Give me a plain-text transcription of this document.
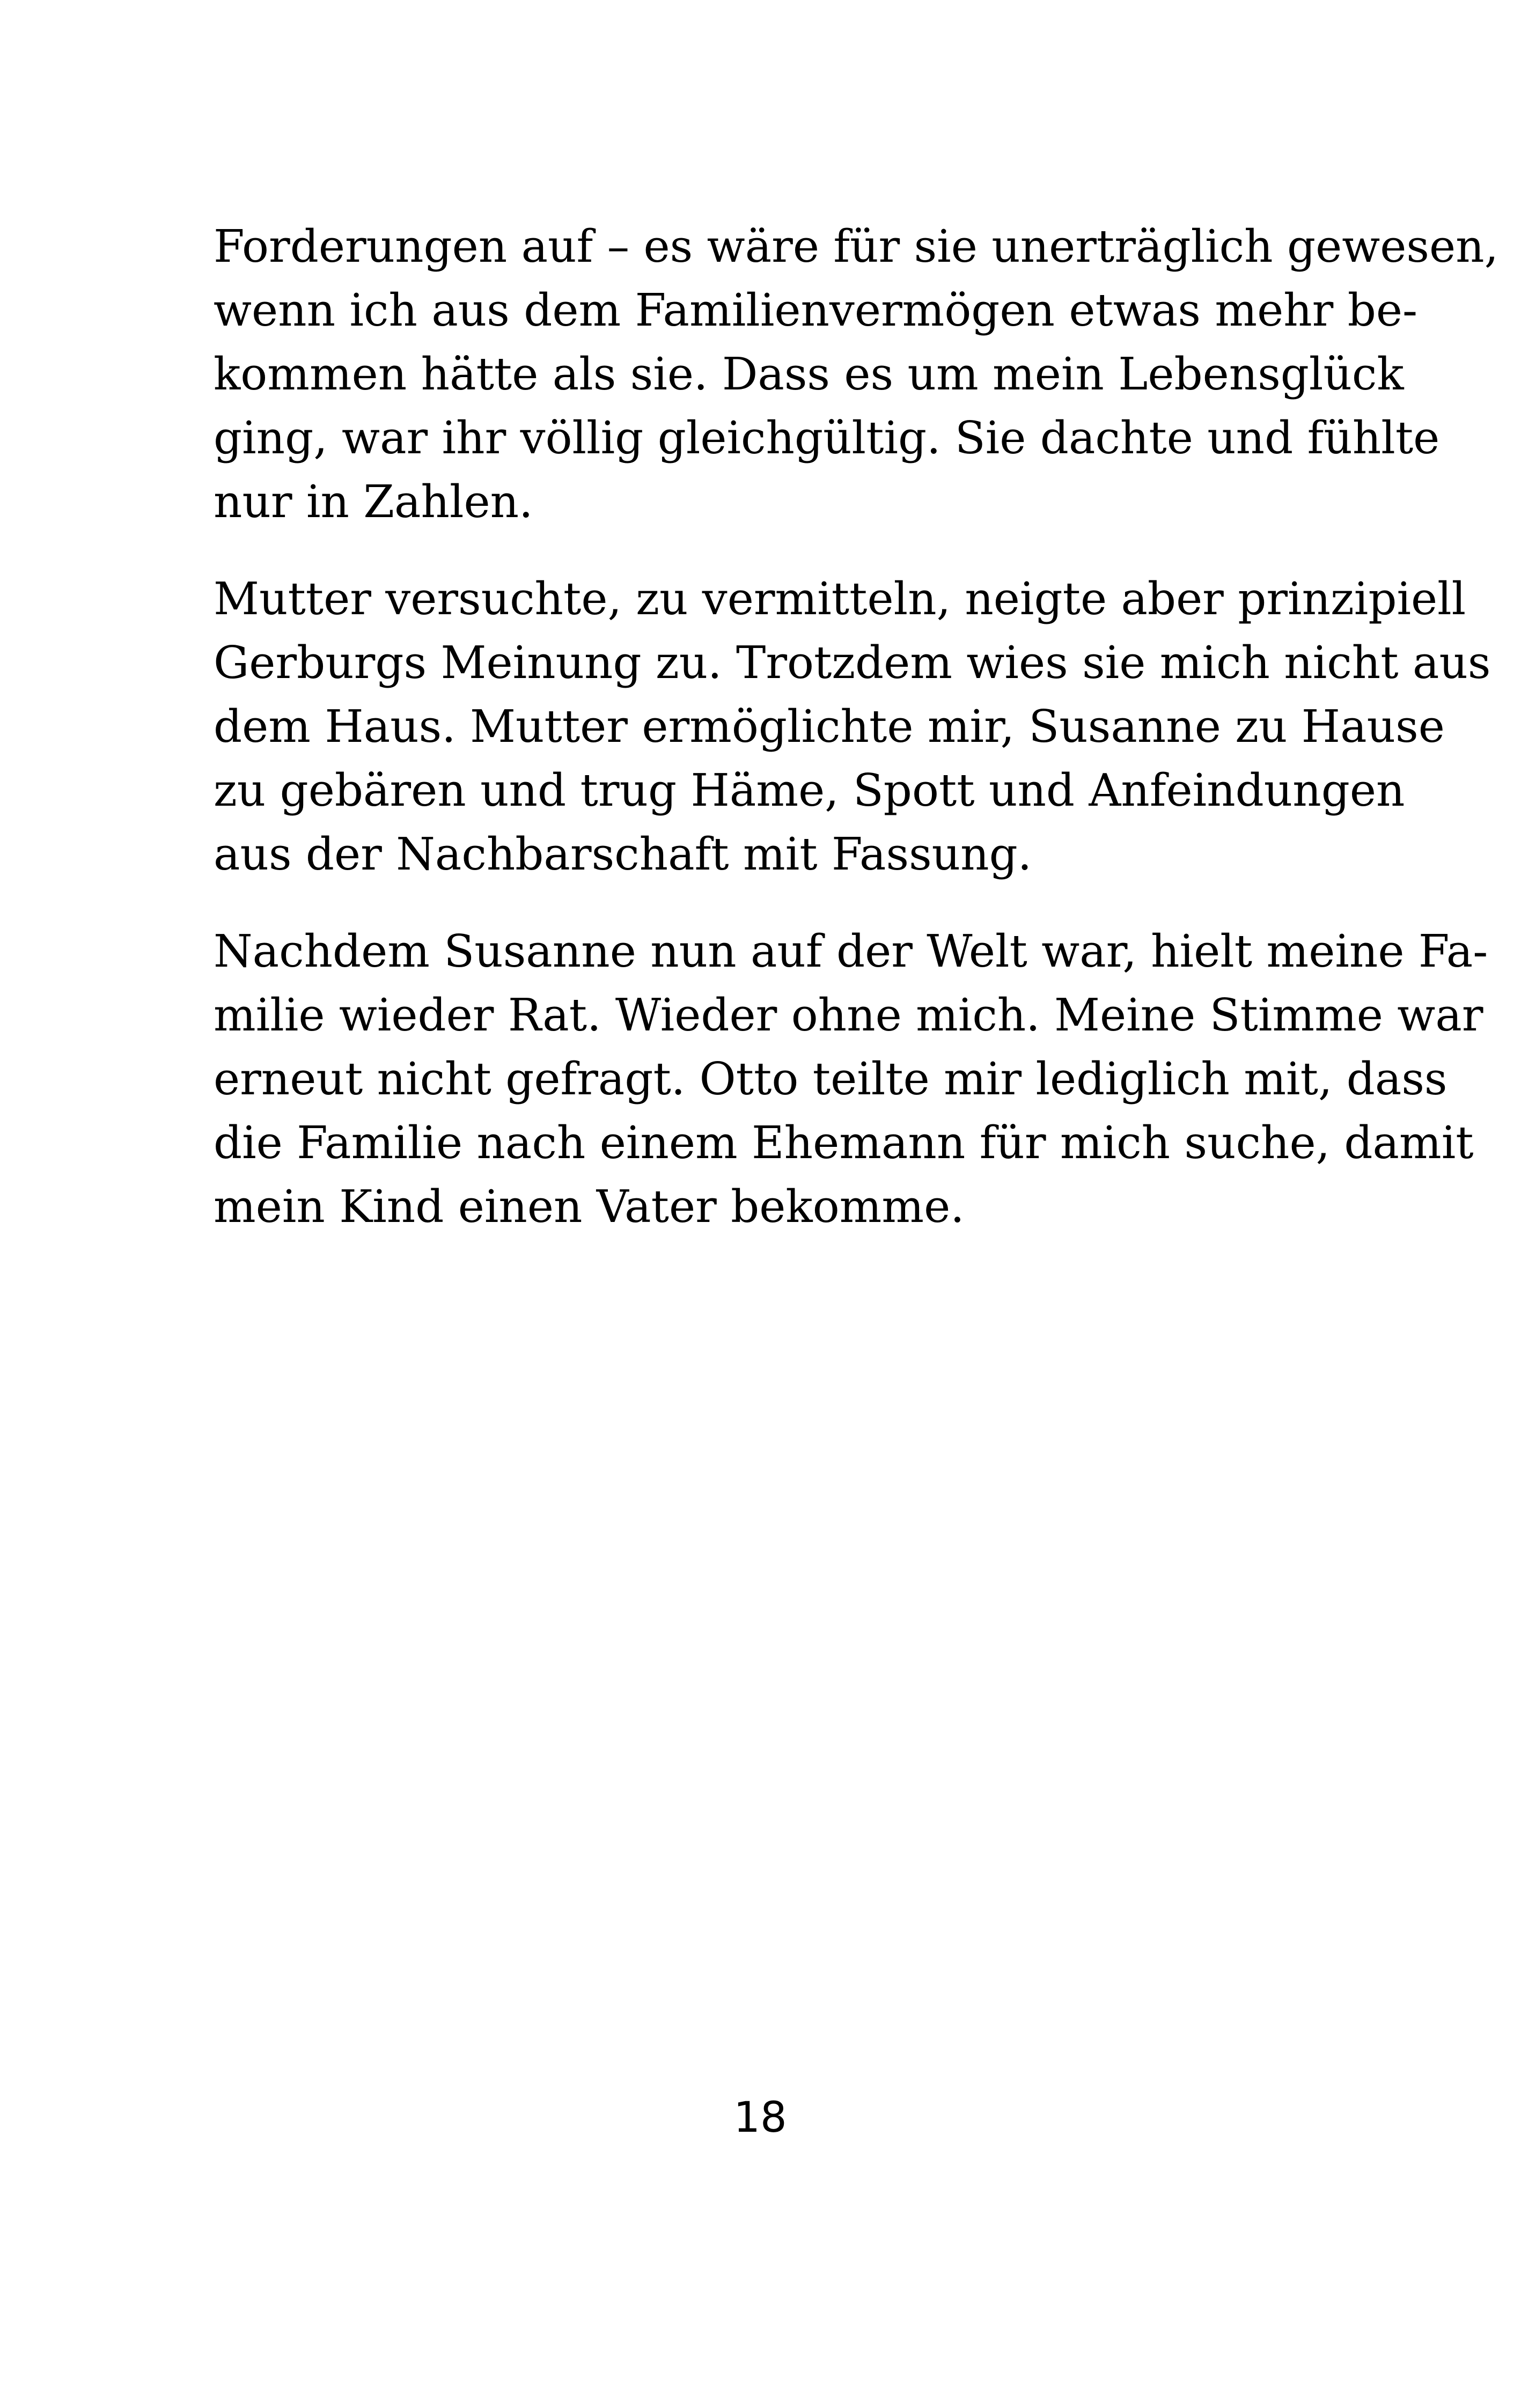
Forderungen auf – es wäre für sie unerträglich gewesen,
wenn ich aus dem Familienvermögen etwas mehr be-
kommen hätte als sie. Dass es um mein Lebensglück
ging, war ihr völlig gleichgültig. Sie dachte und fühlte
nur in Zahlen.

Mutter versuchte, zu vermitteln, neigte aber prinzipiell
Gerburgs Meinung zu. Trotzdem wies sie mich nicht aus
dem Haus. Mutter ermöglichte mir, Susanne zu Hause
zu gebären und trug Häme, Spott und Anfeindungen
aus der Nachbarschaft mit Fassung.

Nachdem Susanne nun auf der Welt war, hielt meine Fa-
milie wieder Rat. Wieder ohne mich. Meine Stimme war
erneut nicht gefragt. Otto teilte mir lediglich mit, dass
die Familie nach einem Ehemann für mich suche, damit
mein Kind einen Vater bekomme.

18
